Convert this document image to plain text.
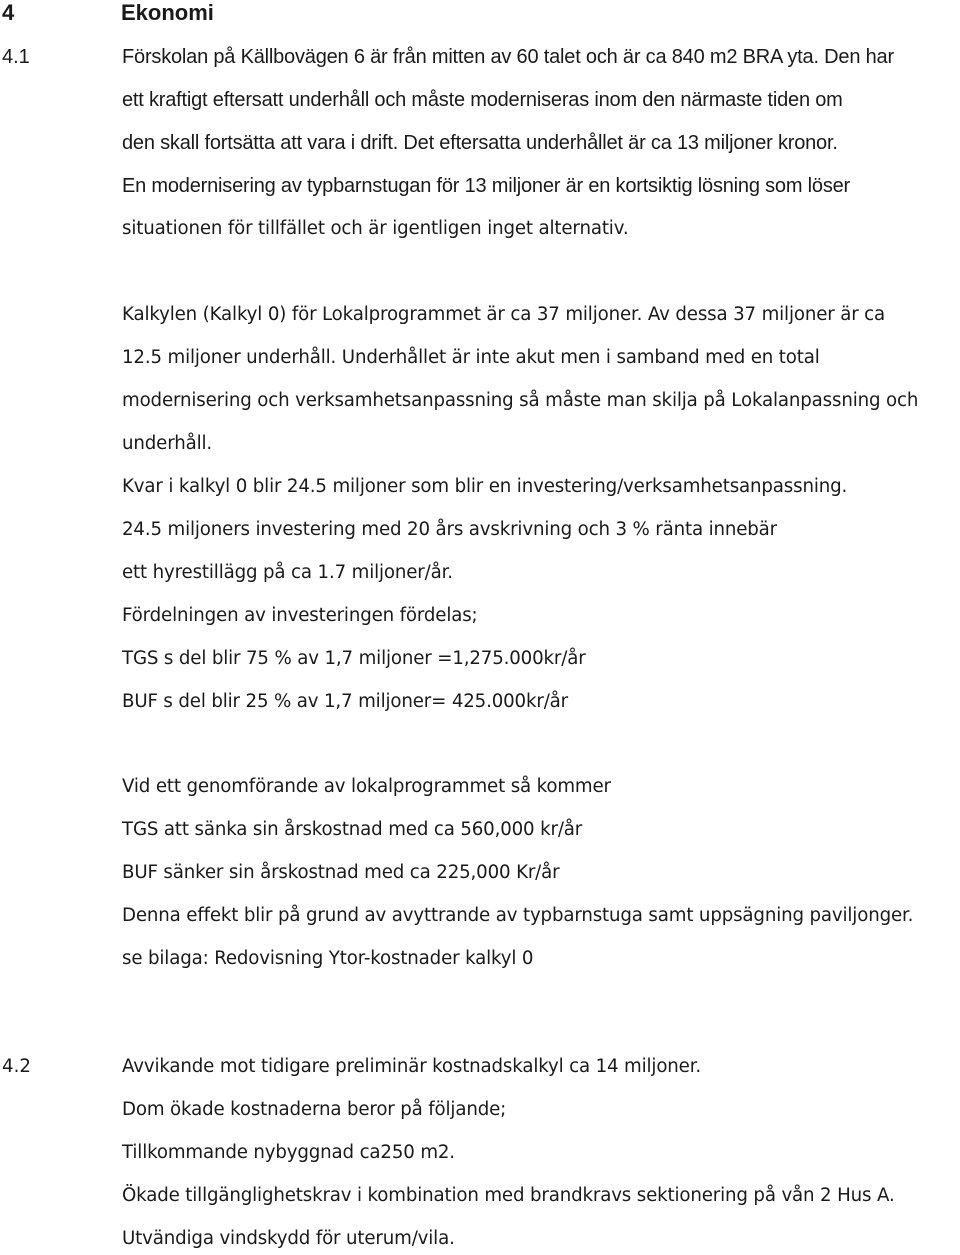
4	Ekonomi
4.1	Förskolan på Källbovägen 6 är från mitten av 60 talet och är ca 840 m2 BRA yta. Den har
ett kraftigt eftersatt underhåll och måste moderniseras inom den närmaste tiden om
den skall fortsätta att vara i drift. Det eftersatta underhållet är ca 13 miljoner kronor.
En modernisering av typbarnstugan för 13 miljoner är en kortsiktig lösning som löser
situationen för tillfället och är igentligen inget alternativ.
Kalkylen (Kalkyl 0) för Lokalprogrammet är ca 37 miljoner. Av dessa 37 miljoner är ca
12.5 miljoner underhåll. Underhållet är inte akut men i samband med en total
modernisering och verksamhetsanpassning så måste man skilja på Lokalanpassning och
underhåll.
Kvar i kalkyl 0 blir 24.5 miljoner som blir en investering/verksamhetsanpassning.
24.5 miljoners investering med 20 års avskrivning och 3 % ränta innebär
ett hyrestillägg på ca 1.7 miljoner/år.
Fördelningen av investeringen fördelas;
TGS s del blir 75 % av 1,7 miljoner =1,275.000kr/år
BUF s del blir 25 % av 1,7 miljoner= 425.000kr/år
Vid ett genomförande av lokalprogrammet så kommer
TGS att sänka sin årskostnad med ca 560,000 kr/år
BUF sänker sin årskostnad med ca 225,000 Kr/år
Denna effekt blir på grund av avyttrande av typbarnstuga samt uppsägning paviljonger.
se bilaga: Redovisning Ytor-kostnader kalkyl 0
4.2	Avvikande mot tidigare preliminär kostnadskalkyl ca 14 miljoner.
Dom ökade kostnaderna beror på följande;
Tillkommande nybyggnad ca250 m2.
Ökade tillgänglighetskrav i kombination med brandkravs sektionering på vån 2 Hus A.
Utvändiga vindskydd för uterum/vila.
